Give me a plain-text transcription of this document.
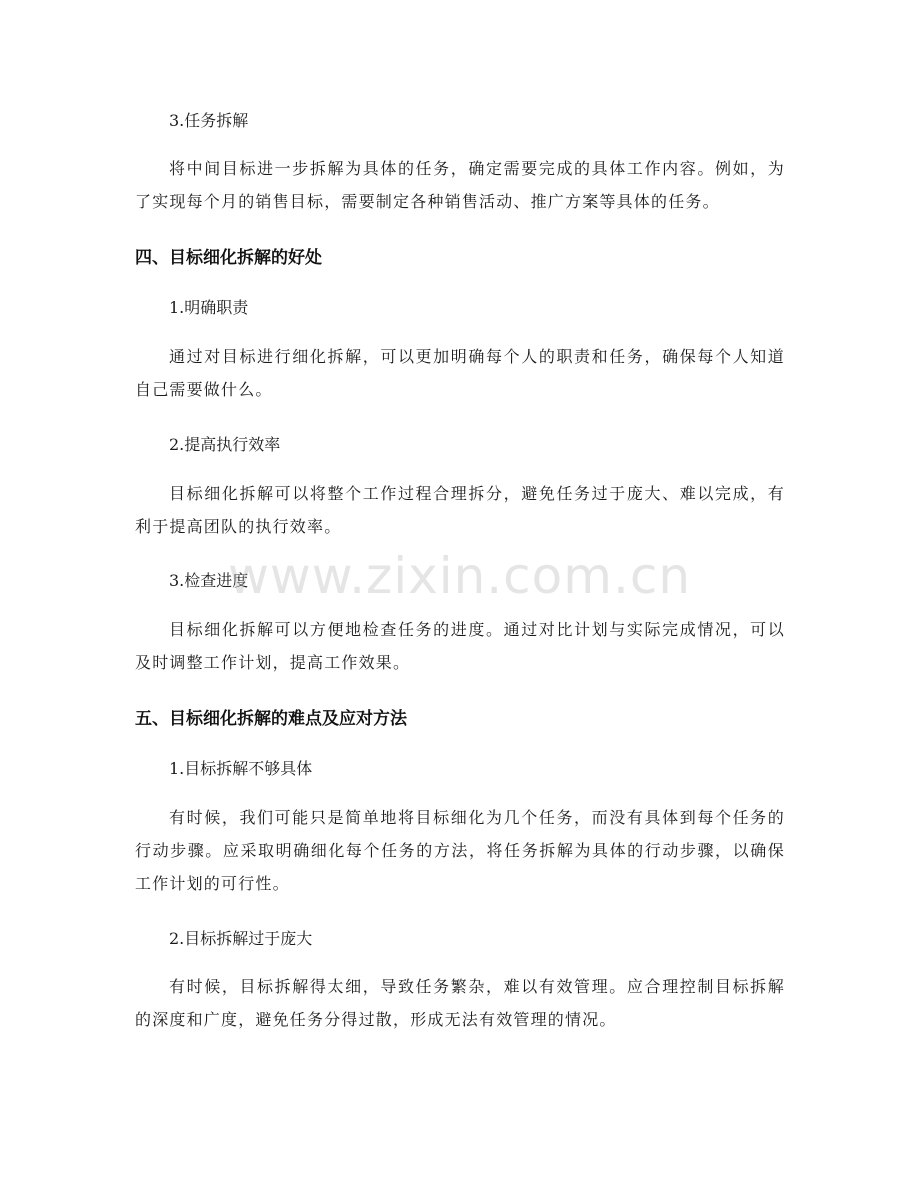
3.任务拆解
将中间目标进一步拆解为具体的任务，确定需要完成的具体工作内容。例如，为了实现每个月的销售目标，需要制定各种销售活动、推广方案等具体的任务。
四、目标细化拆解的好处
1.明确职责
通过对目标进行细化拆解，可以更加明确每个人的职责和任务，确保每个人知道自己需要做什么。
2.提高执行效率
目标细化拆解可以将整个工作过程合理拆分，避免任务过于庞大、难以完成，有利于提高团队的执行效率。
3.检查进度
目标细化拆解可以方便地检查任务的进度。通过对比计划与实际完成情况，可以及时调整工作计划，提高工作效果。
五、目标细化拆解的难点及应对方法
1.目标拆解不够具体
有时候，我们可能只是简单地将目标细化为几个任务，而没有具体到每个任务的行动步骤。应采取明确细化每个任务的方法，将任务拆解为具体的行动步骤，以确保工作计划的可行性。
2.目标拆解过于庞大
有时候，目标拆解得太细，导致任务繁杂，难以有效管理。应合理控制目标拆解的深度和广度，避免任务分得过散，形成无法有效管理的情况。
www.zixin.com.cn
